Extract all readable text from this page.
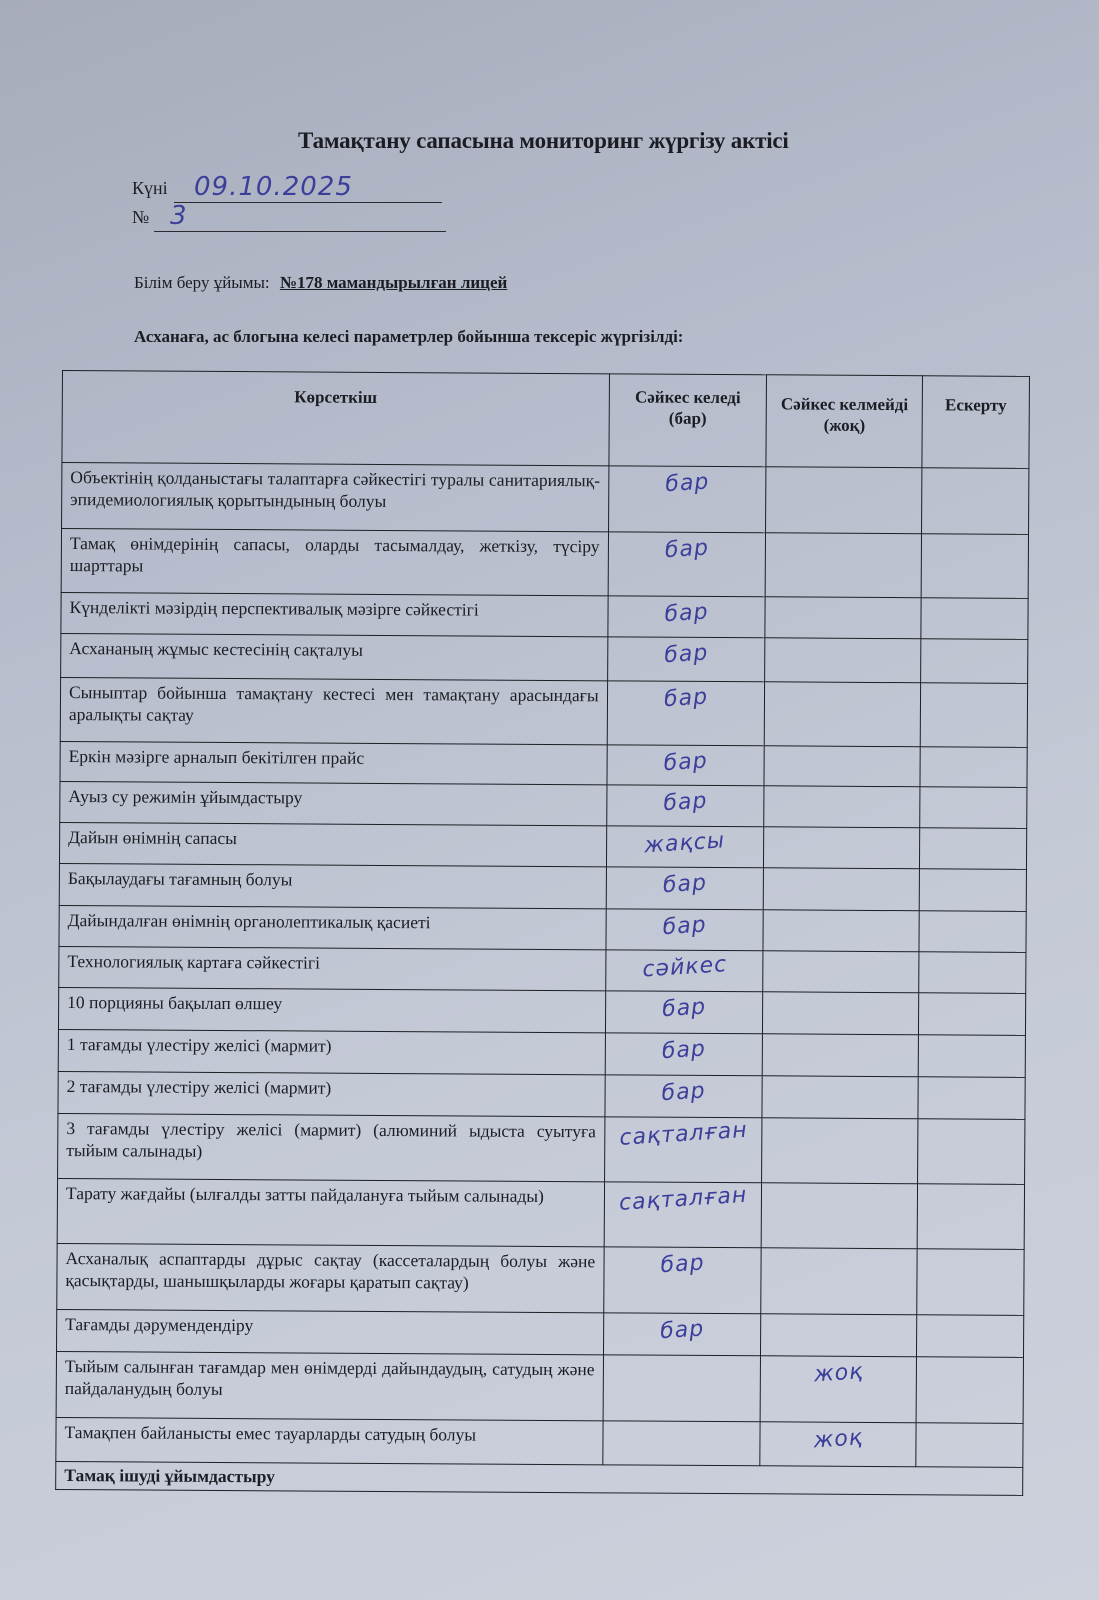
Тамақтану сапасына мониторинг жүргізу актісі
Күні 09.10.2025
№ 3
Білім беру ұйымы: №178 мамандырылған лицей
Асханаға, ас блогына келесі параметрлер бойынша тексеріс жүргізілді:
Көрсеткіш	Сәйкес келеді (бар)	Сәйкес келмейді (жоқ)	Ескерту
Объектінің қолданыстағы талаптарға сәйкестігі туралы санитариялық-эпидемиологиялық қорытындының болуы	бар		
Тамақ өнімдерінің сапасы, оларды тасымалдау, жеткізу, түсіру шарттары	бар		
Күнделікті мәзірдің перспективалық мәзірге сәйкестігі	бар		
Асхананың жұмыс кестесінің сақталуы	бар		
Сыныптар бойынша тамақтану кестесі мен тамақтану арасындағы аралықты сақтау	бар		
Еркін мәзірге арналып бекітілген прайс	бар		
Ауыз су режимін ұйымдастыру	бар		
Дайын өнімнің сапасы	жақсы		
Бақылаудағы тағамның болуы	бар		
Дайындалған өнімнің органолептикалық қасиеті	бар		
Технологиялық картаға сәйкестігі	сәйкес		
10 порцияны бақылап өлшеу	бар		
1 тағамды үлестіру желісі (мармит)	бар		
2 тағамды үлестіру желісі (мармит)	бар		
3 тағамды үлестіру желісі (мармит) (алюминий ыдыста суытуға тыйым салынады)	сақталған		
Тарату жағдайы (ылғалды затты пайдалануға тыйым салынады)	сақталған		
Асханалық аспаптарды дұрыс сақтау (кассеталардың болуы және қасықтарды, шанышқыларды жоғары қаратып сақтау)	бар		
Тағамды дәрумендендіру	бар		
Тыйым салынған тағамдар мен өнімдерді дайындаудың, сатудың және пайдаланудың болуы		жоқ	
Тамақпен байланысты емес тауарларды сатудың болуы		жоқ	
Тамақ ішуді ұйымдастыру			
